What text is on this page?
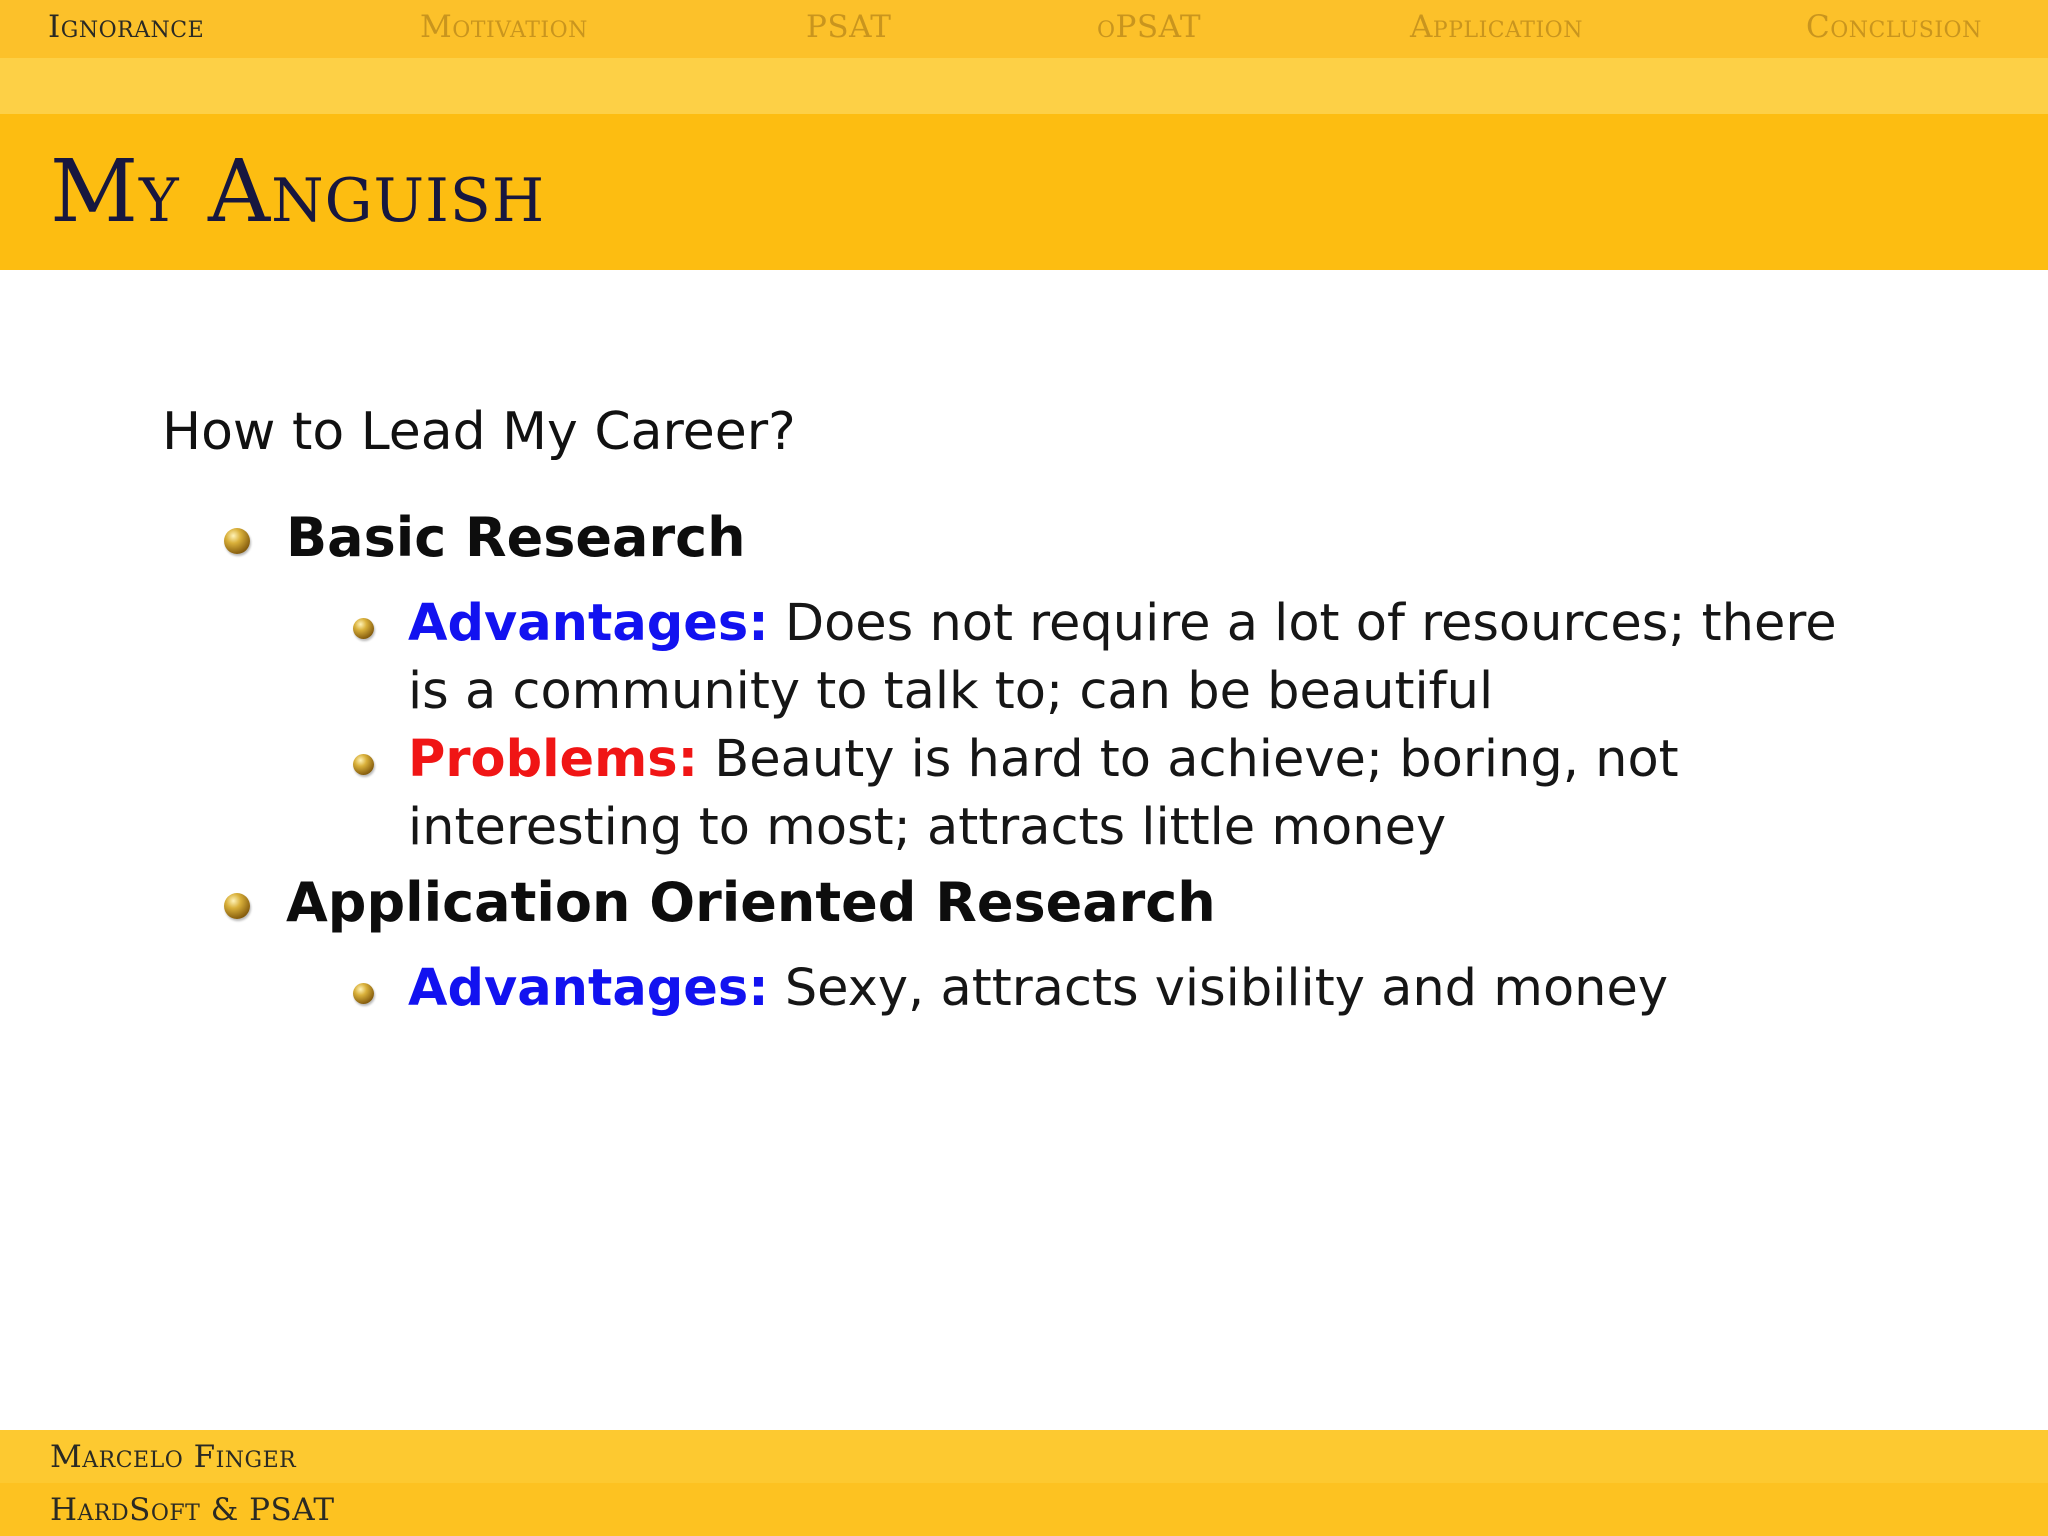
Ignorance	Motivation	PSAT	oPSAT	Application	Conclusion
My Anguish
How to Lead My Career?
Basic Research
Advantages: Does not require a lot of resources; there is a community to talk to; can be beautiful
Problems: Beauty is hard to achieve; boring, not interesting to most; attracts little money
Application Oriented Research
Advantages: Sexy, attracts visibility and money
Marcelo Finger
HardSoft & PSAT
